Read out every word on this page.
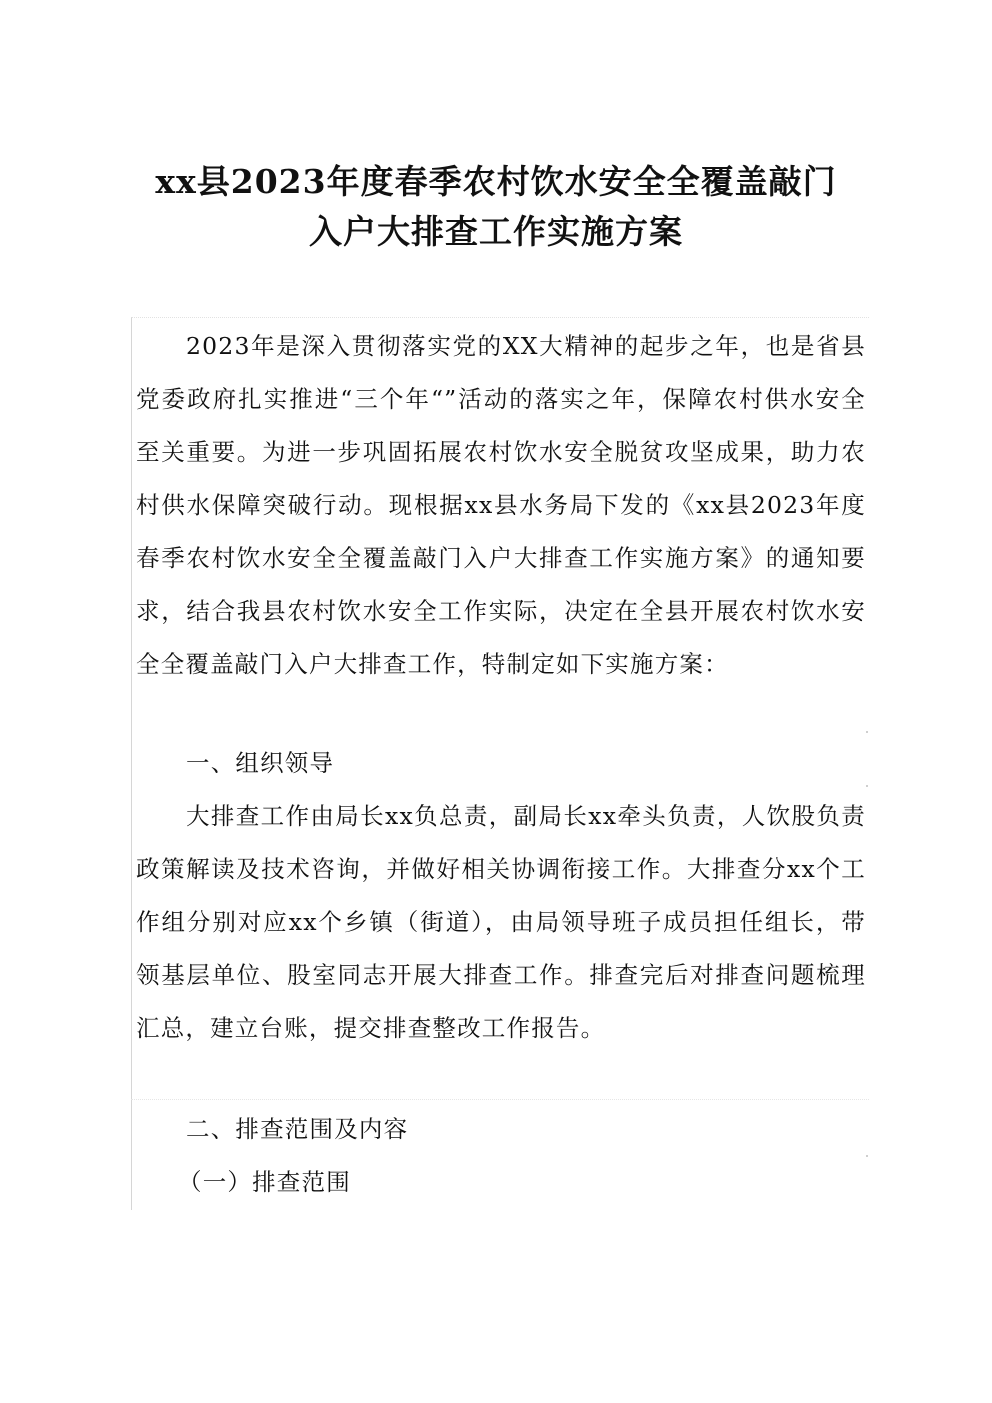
xx县2023年度春季农村饮水安全全覆盖敲门
入户大排查工作实施方案

2023年是深入贯彻落实党的XX大精神的起步之年，也是省县党委政府扎实推进“三个年“”活动的落实之年，保障农村供水安全至关重要。为进一步巩固拓展农村饮水安全脱贫攻坚成果，助力农村供水保障突破行动。现根据xx县水务局下发的《xx县2023年度春季农村饮水安全全覆盖敲门入户大排查工作实施方案》的通知要求，结合我县农村饮水安全工作实际，决定在全县开展农村饮水安全全覆盖敲门入户大排查工作，特制定如下实施方案：

一、组织领导

大排查工作由局长xx负总责，副局长xx牵头负责，人饮股负责政策解读及技术咨询，并做好相关协调衔接工作。大排查分xx个工作组分别对应xx个乡镇（街道），由局领导班子成员担任组长，带领基层单位、股室同志开展大排查工作。排查完后对排查问题梳理汇总，建立台账，提交排查整改工作报告。

二、排查范围及内容

（一）排查范围
